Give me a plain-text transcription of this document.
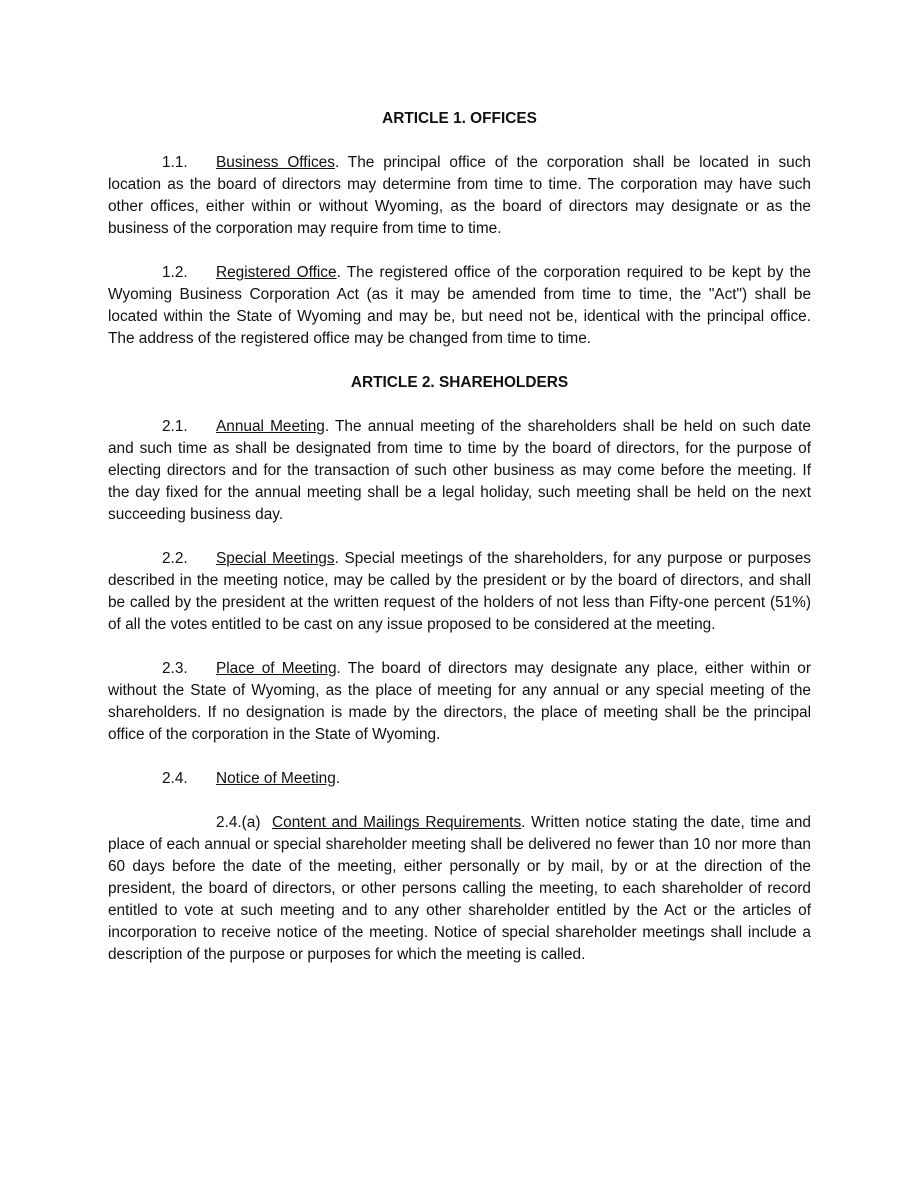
ARTICLE 1. OFFICES

1.1. Business Offices. The principal office of the corporation shall be located in such location as the board of directors may determine from time to time. The corporation may have such other offices, either within or without Wyoming, as the board of directors may designate or as the business of the corporation may require from time to time.

1.2. Registered Office. The registered office of the corporation required to be kept by the Wyoming Business Corporation Act (as it may be amended from time to time, the "Act") shall be located within the State of Wyoming and may be, but need not be, identical with the principal office. The address of the registered office may be changed from time to time.

ARTICLE 2. SHAREHOLDERS

2.1. Annual Meeting. The annual meeting of the shareholders shall be held on such date and such time as shall be designated from time to time by the board of directors, for the purpose of electing directors and for the transaction of such other business as may come before the meeting. If the day fixed for the annual meeting shall be a legal holiday, such meeting shall be held on the next succeeding business day.

2.2. Special Meetings. Special meetings of the shareholders, for any purpose or purposes described in the meeting notice, may be called by the president or by the board of directors, and shall be called by the president at the written request of the holders of not less than Fifty-one percent (51%) of all the votes entitled to be cast on any issue proposed to be considered at the meeting.

2.3. Place of Meeting. The board of directors may designate any place, either within or without the State of Wyoming, as the place of meeting for any annual or any special meeting of the shareholders. If no designation is made by the directors, the place of meeting shall be the principal office of the corporation in the State of Wyoming.

2.4. Notice of Meeting.

2.4.(a) Content and Mailings Requirements. Written notice stating the date, time and place of each annual or special shareholder meeting shall be delivered no fewer than 10 nor more than 60 days before the date of the meeting, either personally or by mail, by or at the direction of the president, the board of directors, or other persons calling the meeting, to each shareholder of record entitled to vote at such meeting and to any other shareholder entitled by the Act or the articles of incorporation to receive notice of the meeting. Notice of special shareholder meetings shall include a description of the purpose or purposes for which the meeting is called.
